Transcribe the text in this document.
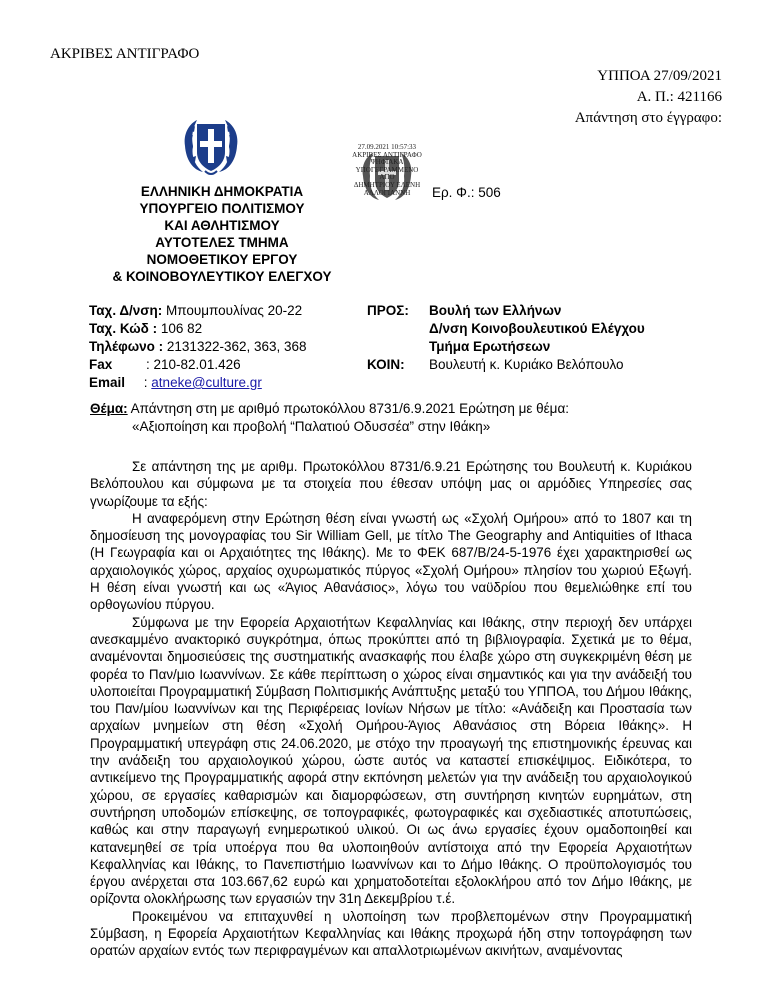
ΑΚΡΙΒΕΣ ΑΝΤΙΓΡΑΦΟ
ΥΠΠΟΑ 27/09/2021
Α. Π.: 421166
Απάντηση στο έγγραφο:
ΕΛΛΗΝΙΚΗ ΔΗΜΟΚΡΑΤΙΑ
ΥΠΟΥΡΓΕΙΟ ΠΟΛΙΤΙΣΜΟΥ
ΚΑΙ ΑΘΛΗΤΙΣΜΟΥ
ΑΥΤΟΤΕΛΕΣ ΤΜΗΜΑ
ΝΟΜΟΘΕΤΙΚΟΥ ΕΡΓΟΥ
& ΚΟΙΝΟΒΟΥΛΕΥΤΙΚΟΥ ΕΛΕΓΧΟΥ
27.09.2021 10:57:33
ΑΚΡΙΒΕΣ ΑΝΤΙΓΡΑΦΟ
ΨΗΦΙΑΚΑ
ΥΠΟΓΕΓΡΑΜΜΕΝΟ
ΑΠΟ
ΔΗΜΗΤΡΙΟΥ ΕΛΕΝΗ
ΑΛΛΟΓΙΑΝΝΗ	Ερ. Φ.: 506
Ταχ. Δ/νση: Μπουμπουλίνας 20-22
Ταχ. Κώδ : 106 82
Τηλέφωνο : 2131322-362, 363, 368
Fax         : 210-82.01.426
Email     : atneke@culture.gr
ΠΡΟΣ: Βουλή των Ελλήνων
Δ/νση Κοινοβουλευτικού Ελέγχου
Τμήμα Ερωτήσεων
ΚΟΙΝ: Βουλευτή κ. Κυριάκο Βελόπουλο
Θέμα: Απάντηση στη με αριθμό πρωτοκόλλου 8731/6.9.2021 Ερώτηση με θέμα:
«Αξιοποίηση και προβολή “Παλατιού Οδυσσέα” στην Ιθάκη»

Σε απάντηση της με αριθμ. Πρωτοκόλλου 8731/6.9.21 Ερώτησης του Βουλευτή κ. Κυριάκου Βελόπουλου και σύμφωνα με τα στοιχεία που έθεσαν υπόψη μας οι αρμόδιες Υπηρεσίες σας γνωρίζουμε τα εξής:

Η αναφερόμενη στην Ερώτηση θέση είναι γνωστή ως «Σχολή Ομήρου» από το 1807 και τη δημοσίευση της μονογραφίας του Sir William Gell, με τίτλο The Geography and Antiquities of Ithaca (Η Γεωγραφία και οι Αρχαιότητες της Ιθάκης). Με το ΦΕΚ 687/Β/24-5-1976 έχει χαρακτηρισθεί ως αρχαιολογικός χώρος, αρχαίος οχυρωματικός πύργος «Σχολή Ομήρου» πλησίον του χωριού Εξωγή. Η θέση είναι γνωστή και ως «Άγιος Αθανάσιος», λόγω του ναϋδρίου που θεμελιώθηκε επί του ορθογωνίου πύργου.

Σύμφωνα με την Εφορεία Αρχαιοτήτων Κεφαλληνίας και Ιθάκης, στην περιοχή δεν υπάρχει ανεσκαμμένο ανακτορικό συγκρότημα, όπως προκύπτει από τη βιβλιογραφία. Σχετικά με το θέμα, αναμένονται δημοσιεύσεις της συστηματικής ανασκαφής που έλαβε χώρο στη συγκεκριμένη θέση με φορέα το Παν/μιο Ιωαννίνων. Σε κάθε περίπτωση ο χώρος είναι σημαντικός και για την ανάδειξή του υλοποιείται Προγραμματική Σύμβαση Πολιτισμικής Ανάπτυξης μεταξύ του ΥΠΠΟΑ, του Δήμου Ιθάκης, του Παν/μίου Ιωαννίνων και της Περιφέρειας Ιονίων Νήσων με τίτλο: «Ανάδειξη και Προστασία των αρχαίων μνημείων στη θέση «Σχολή Ομήρου-Άγιος Αθανάσιος στη Βόρεια Ιθάκης». Η Προγραμματική υπεγράφη στις 24.06.2020, με στόχο την προαγωγή της επιστημονικής έρευνας και την ανάδειξη του αρχαιολογικού χώρου, ώστε αυτός να καταστεί επισκέψιμος. Ειδικότερα, το αντικείμενο της Προγραμματικής αφορά στην εκπόνηση μελετών για την ανάδειξη του αρχαιολογικού χώρου, σε εργασίες καθαρισμών και διαμορφώσεων, στη συντήρηση κινητών ευρημάτων, στη συντήρηση υποδομών επίσκεψης, σε τοπογραφικές, φωτογραφικές και σχεδιαστικές αποτυπώσεις, καθώς και στην παραγωγή ενημερωτικού υλικού. Οι ως άνω εργασίες έχουν ομαδοποιηθεί και κατανεμηθεί σε τρία υποέργα που θα υλοποιηθούν αντίστοιχα από την Εφορεία Αρχαιοτήτων Κεφαλληνίας και Ιθάκης, το Πανεπιστήμιο Ιωαννίνων και το Δήμο Ιθάκης. Ο προϋπολογισμός του έργου ανέρχεται στα 103.667,62 ευρώ και χρηματοδοτείται εξολοκλήρου από τον Δήμο Ιθάκης, με ορίζοντα ολοκλήρωσης των εργασιών την 31η Δεκεμβρίου τ.έ.

Προκειμένου να επιταχυνθεί η υλοποίηση των προβλεπομένων στην Προγραμματική Σύμβαση, η Εφορεία Αρχαιοτήτων Κεφαλληνίας και Ιθάκης προχωρά ήδη στην τοπογράφηση των ορατών αρχαίων εντός των περιφραγμένων και απαλλοτριωμένων ακινήτων, αναμένοντας
